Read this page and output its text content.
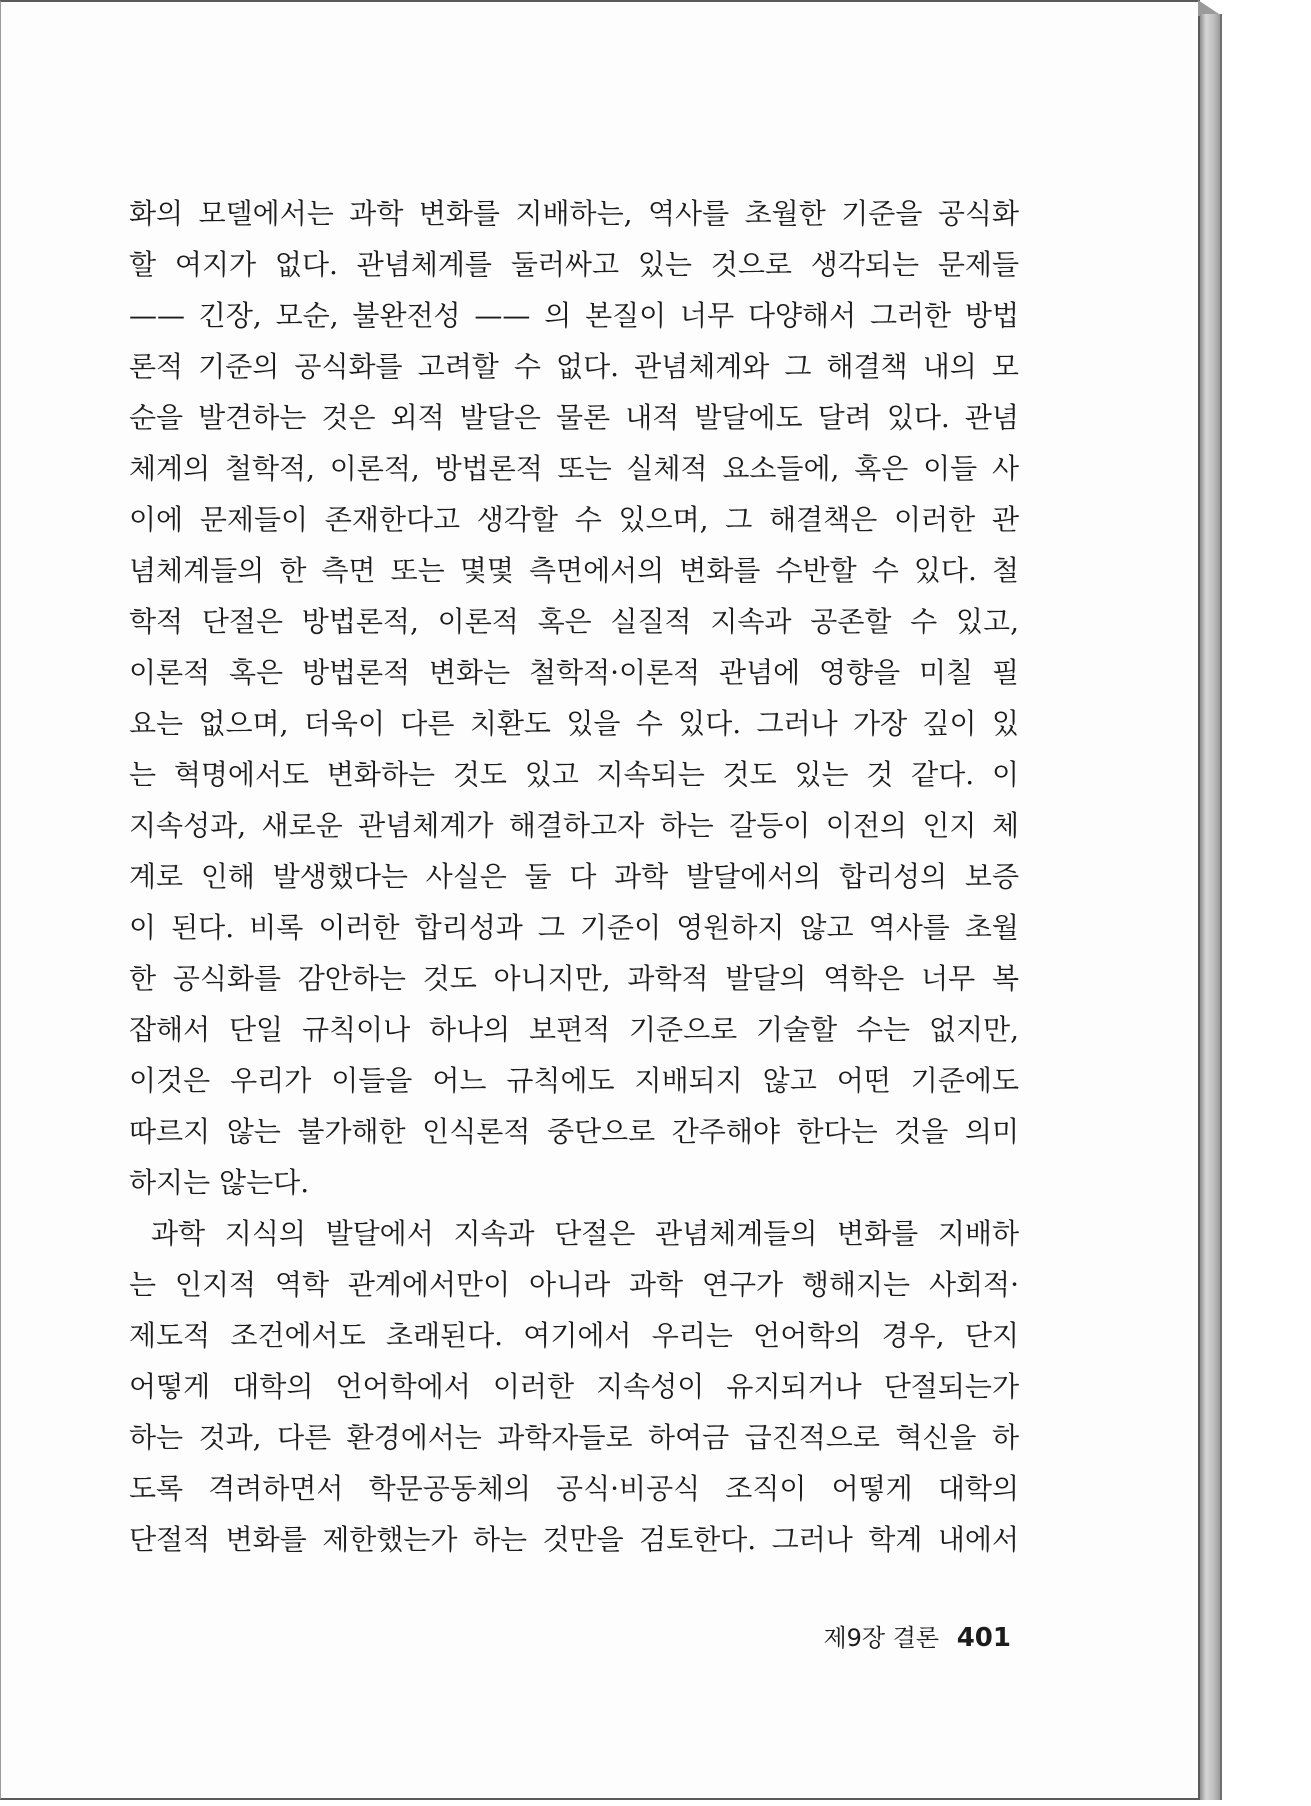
화의 모델에서는 과학 변화를 지배하는, 역사를 초월한 기준을 공식화
할 여지가 없다. 관념체계를 둘러싸고 있는 것으로 생각되는 문제들
—— 긴장, 모순, 불완전성 —— 의 본질이 너무 다양해서 그러한 방법
론적 기준의 공식화를 고려할 수 없다. 관념체계와 그 해결책 내의 모
순을 발견하는 것은 외적 발달은 물론 내적 발달에도 달려 있다. 관념
체계의 철학적, 이론적, 방법론적 또는 실체적 요소들에, 혹은 이들 사
이에 문제들이 존재한다고 생각할 수 있으며, 그 해결책은 이러한 관
념체계들의 한 측면 또는 몇몇 측면에서의 변화를 수반할 수 있다. 철
학적 단절은 방법론적, 이론적 혹은 실질적 지속과 공존할 수 있고,
이론적 혹은 방법론적 변화는 철학적·이론적 관념에 영향을 미칠 필
요는 없으며, 더욱이 다른 치환도 있을 수 있다. 그러나 가장 깊이 있
는 혁명에서도 변화하는 것도 있고 지속되는 것도 있는 것 같다. 이
지속성과, 새로운 관념체계가 해결하고자 하는 갈등이 이전의 인지 체
계로 인해 발생했다는 사실은 둘 다 과학 발달에서의 합리성의 보증
이 된다. 비록 이러한 합리성과 그 기준이 영원하지 않고 역사를 초월
한 공식화를 감안하는 것도 아니지만, 과학적 발달의 역학은 너무 복
잡해서 단일 규칙이나 하나의 보편적 기준으로 기술할 수는 없지만,
이것은 우리가 이들을 어느 규칙에도 지배되지 않고 어떤 기준에도
따르지 않는 불가해한 인식론적 중단으로 간주해야 한다는 것을 의미
하지는 않는다.
과학 지식의 발달에서 지속과 단절은 관념체계들의 변화를 지배하
는 인지적 역학 관계에서만이 아니라 과학 연구가 행해지는 사회적·
제도적 조건에서도 초래된다. 여기에서 우리는 언어학의 경우, 단지
어떻게 대학의 언어학에서 이러한 지속성이 유지되거나 단절되는가
하는 것과, 다른 환경에서는 과학자들로 하여금 급진적으로 혁신을 하
도록 격려하면서 학문공동체의 공식·비공식 조직이 어떻게 대학의
단절적 변화를 제한했는가 하는 것만을 검토한다. 그러나 학계 내에서
제9장 결론 401
